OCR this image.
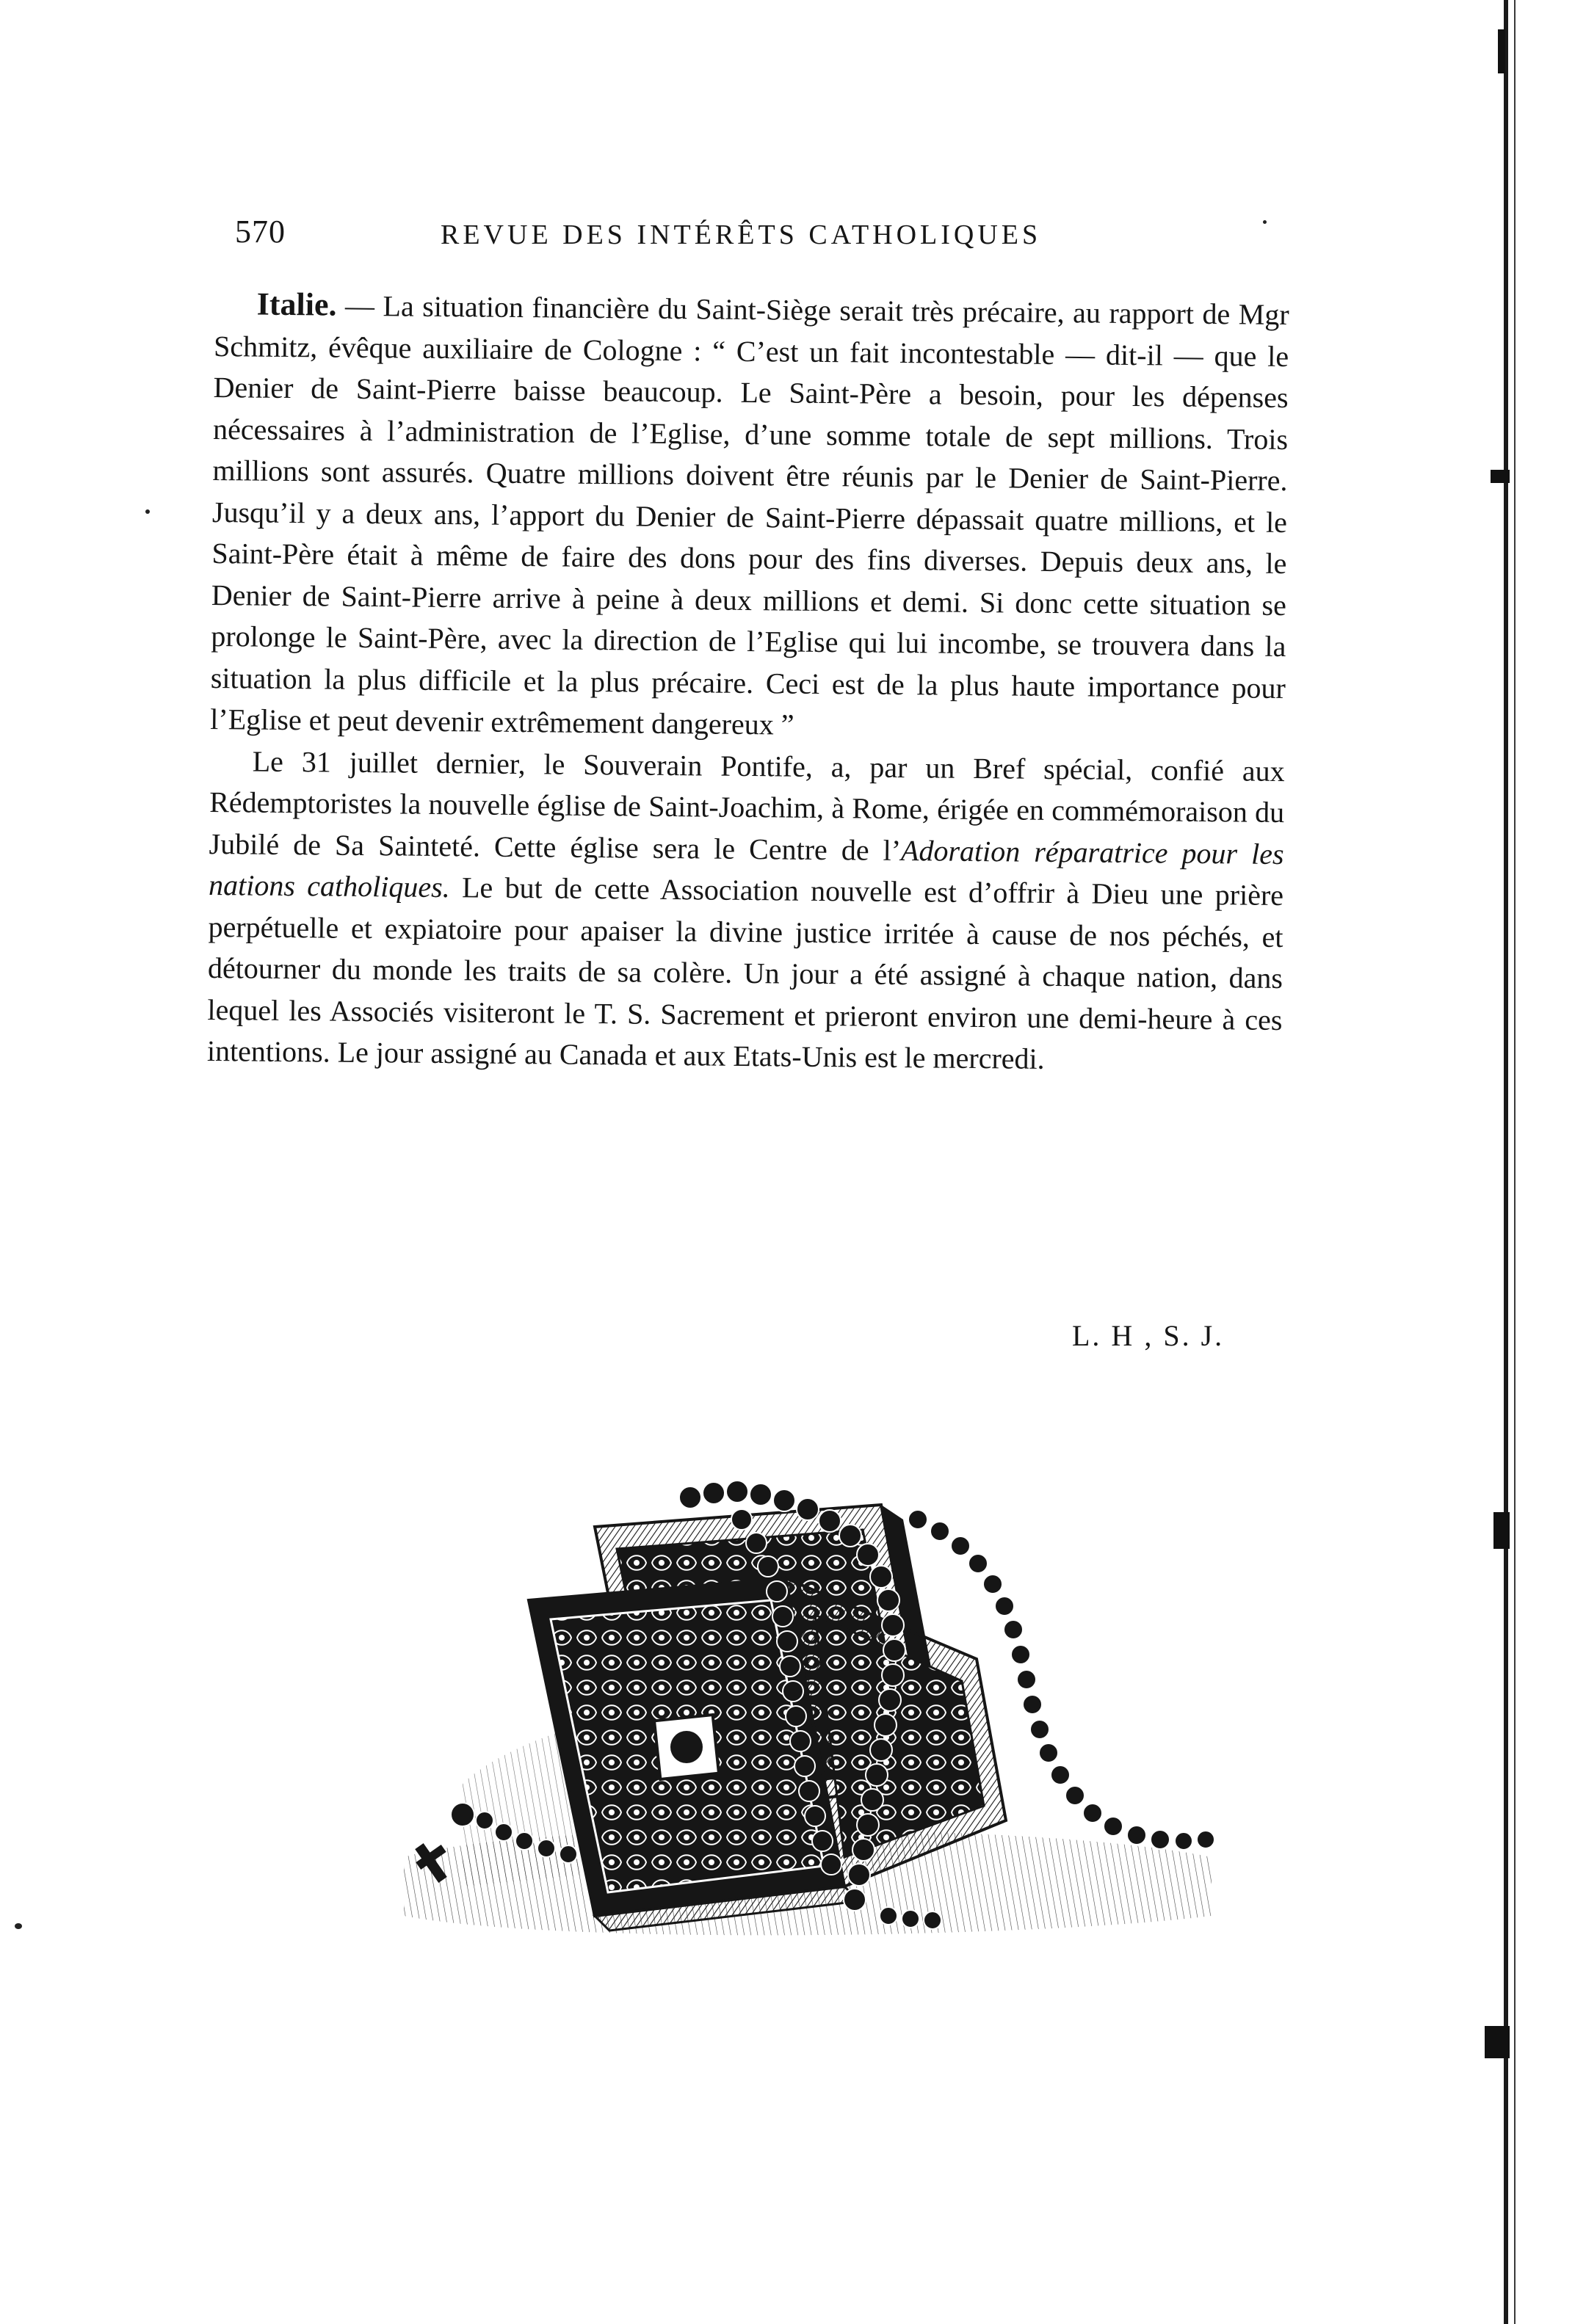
570	REVUE DES INTÉRÊTS CATHOLIQUES

Italie. — La situation financière du Saint-Siège serait très précaire, au rapport de Mgr Schmitz, évêque auxiliaire de Cologne : “ C’est un fait incontestable — dit-il — que le Denier de Saint-Pierre baisse beaucoup. Le Saint-Père a besoin, pour les dépenses nécessaires à l’administration de l’Eglise, d’une somme totale de sept millions. Trois millions sont assurés. Quatre millions doivent être réunis par le Denier de Saint-Pierre. Jusqu’il y a deux ans, l’apport du Denier de Saint-Pierre dépassait quatre millions, et le Saint-Père était à même de faire des dons pour des fins diverses. Depuis deux ans, le Denier de Saint-Pierre arrive à peine à deux millions et demi. Si donc cette situation se prolonge le Saint-Père, avec la direction de l’Eglise qui lui incombe, se trouvera dans la situation la plus difficile et la plus précaire. Ceci est de la plus haute importance pour l’Eglise et peut devenir extrêmement dangereux ”

Le 31 juillet dernier, le Souverain Pontife, a, par un Bref spécial, confié aux Rédemptoristes la nouvelle église de Saint-Joachim, à Rome, érigée en commémoraison du Jubilé de Sa Sainteté. Cette église sera le Centre de l’Adoration réparatrice pour les nations catholiques. Le but de cette Association nouvelle est d’offrir à Dieu une prière perpétuelle et expiatoire pour apaiser la divine justice irritée à cause de nos péchés, et détourner du monde les traits de sa colère. Un jour a été assigné à chaque nation, dans lequel les Associés visiteront le T. S. Sacrement et prieront environ une demi-heure à ces intentions. Le jour assigné au Canada et aux Etats-Unis est le mercredi.

L. H , S. J.
